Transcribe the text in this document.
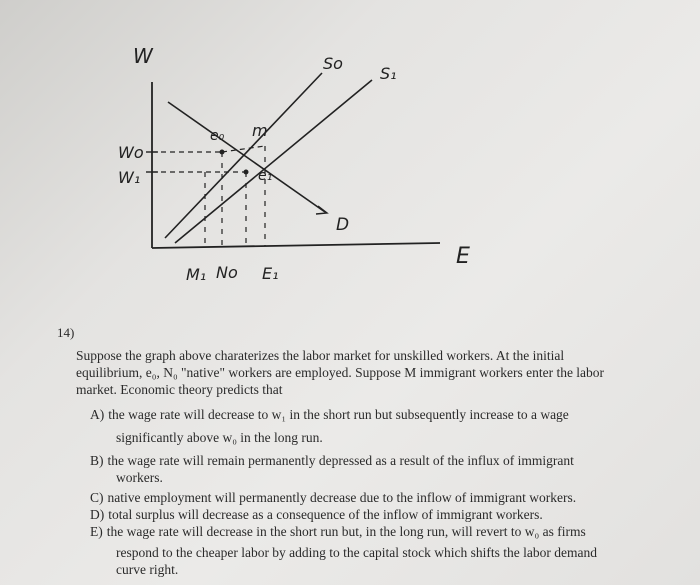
W	So
S₁
e₀ m
Wo
W₁	e₁
D
E
M₁ No E₁
14)
Suppose the graph above charaterizes the labor market for unskilled workers. At the initial
equilibrium, e₀, N₀ "native" workers are employed. Suppose M immigrant workers enter the labor
market. Economic theory predicts that
A) the wage rate will decrease to w₁ in the short run but subsequently increase to a wage
significantly above w₀ in the long run.
B) the wage rate will remain permanently depressed as a result of the influx of immigrant
workers.
C) native employment will permanently decrease due to the inflow of immigrant workers.
D) total surplus will decrease as a consequence of the inflow of immigrant workers.
E) the wage rate will decrease in the short run but, in the long run, will revert to w₀ as firms
respond to the cheaper labor by adding to the capital stock which shifts the labor demand
curve right.
